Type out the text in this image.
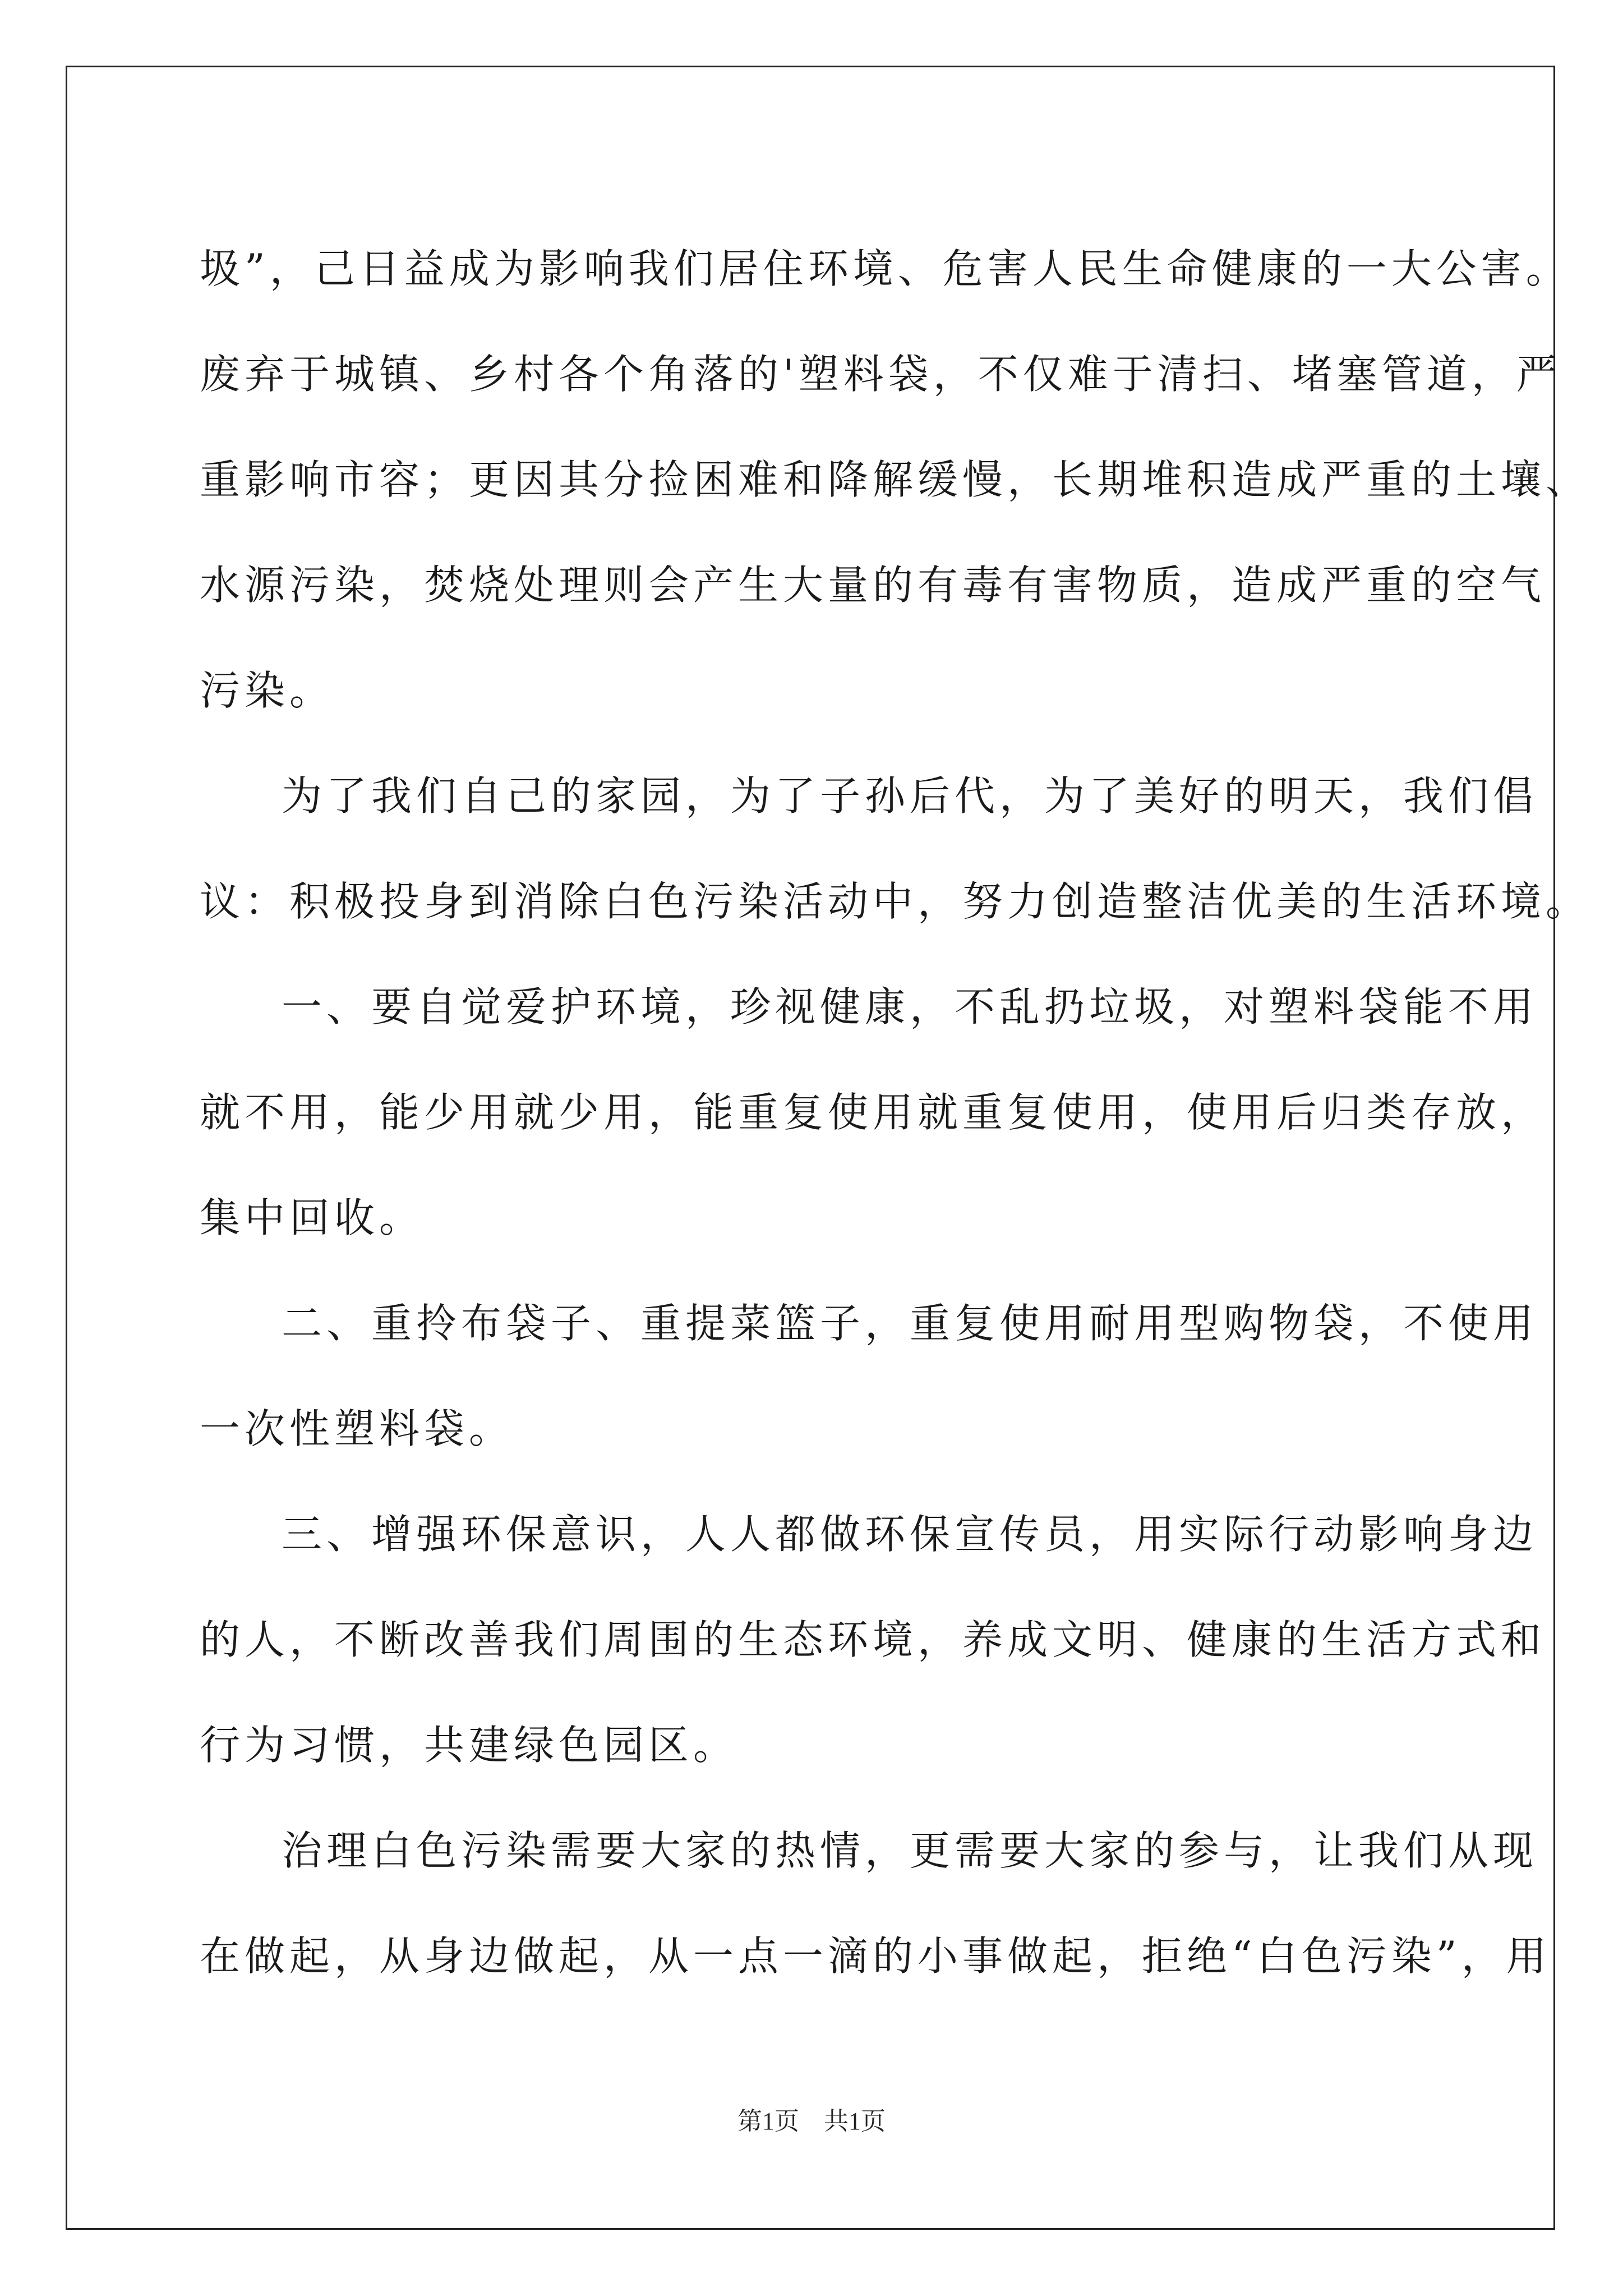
圾”，己日益成为影响我们居住环境、危害人民生命健康的一大公害。
废弃于城镇、乡村各个角落的'塑料袋，不仅难于清扫、堵塞管道，严
重影响市容；更因其分捡困难和降解缓慢，长期堆积造成严重的土壤、
水源污染，焚烧处理则会产生大量的有毒有害物质，造成严重的空气
污染。
为了我们自己的家园，为了子孙后代，为了美好的明天，我们倡
议：积极投身到消除白色污染活动中，努力创造整洁优美的生活环境。
一、要自觉爱护环境，珍视健康，不乱扔垃圾，对塑料袋能不用
就不用，能少用就少用，能重复使用就重复使用，使用后归类存放，
集中回收。
二、重拎布袋子、重提菜篮子，重复使用耐用型购物袋，不使用
一次性塑料袋。
三、增强环保意识，人人都做环保宣传员，用实际行动影响身边
的人，不断改善我们周围的生态环境，养成文明、健康的生活方式和
行为习惯，共建绿色园区。
治理白色污染需要大家的热情，更需要大家的参与，让我们从现
在做起，从身边做起，从一点一滴的小事做起，拒绝“白色污染”，用
第1页　共1页
